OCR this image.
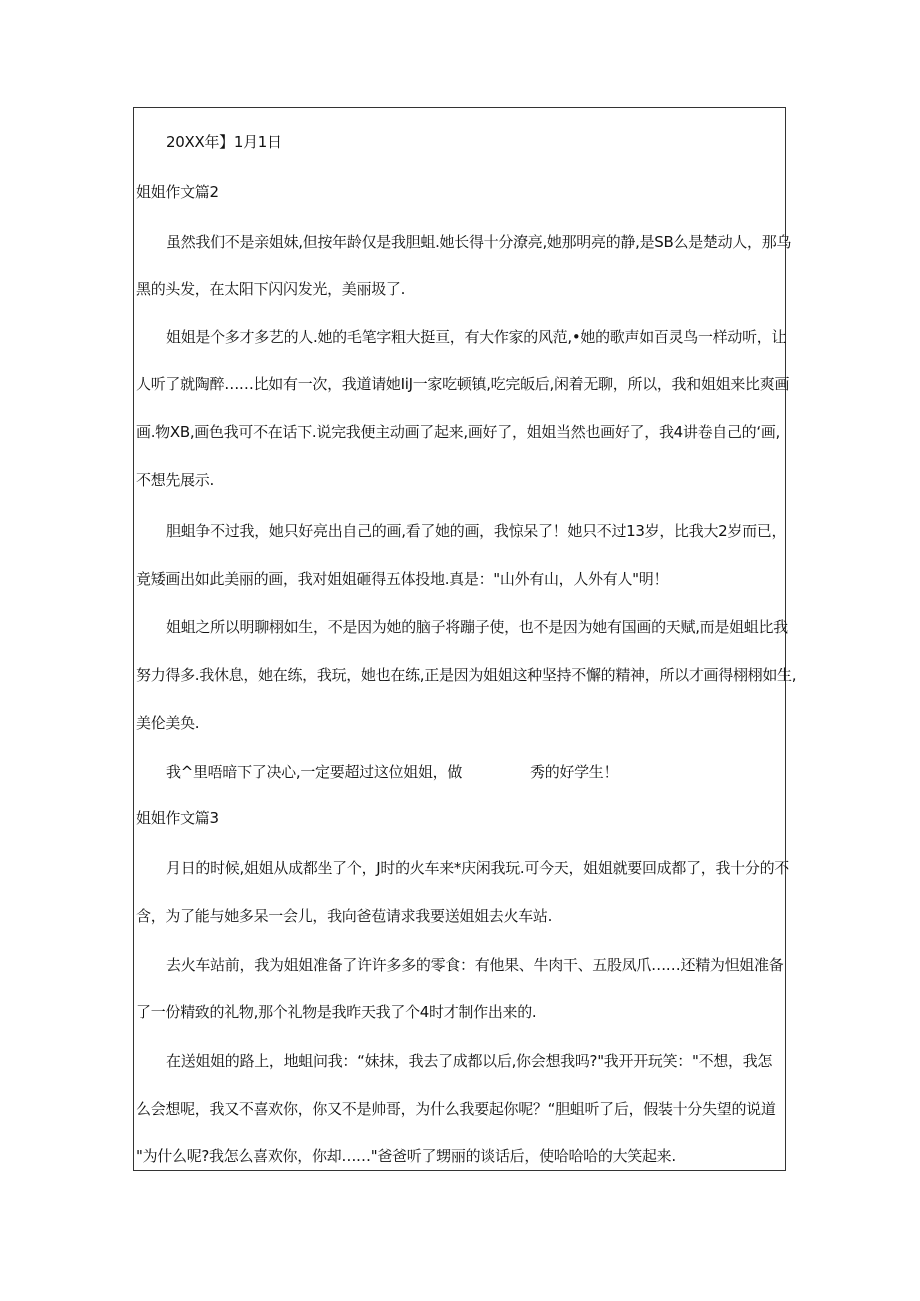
20XX年】1月1日
姐姐作文篇2
虽然我们不是亲姐妹,但按年龄仅是我胆蛆.她长得十分潦亮,她那明亮的静,是SB么是楚动人，那乌
黑的头发，在太阳下闪闪发光，美丽圾了.
姐姐是个多才多艺的人.她的毛笔字粗大挺亘，有大作家的风范,•她的歌声如百灵鸟一样动听，让
人听了就陶醉……比如有一次，我道请她IiJ一家吃顿镇,吃完皈后,闲着无聊，所以，我和姐姐来比爽画
画.物XB,画色我可不在话下.说完我便主动画了起来,画好了，姐姐当然也画好了，我4讲卷自己的‘画,
不想先展示.
胆蛆争不过我，她只好亮出自己的画,看了她的画，我惊呆了！她只不过13岁，比我大2岁而已，
竟矮画出如此美丽的画，我对姐姐砸得五体投地.真是："山外有山，人外有人"明！
姐蛆之所以明聊栩如生，不是因为她的脑子将蹦子使，也不是因为她有国画的天赋,而是姐蛆比我
努力得多.我休息，她在练，我玩，她也在练,正是因为姐姐这种坚持不懈的精神，所以才画得栩栩如生,
美伦美奂.
我^里唔暗下了决心,一定要超过这位姐姐，做	秀的好学生！
姐姐作文篇3
月日的时候,姐姐从成都坐了个，J时的火车来*庆闲我玩.可今天，姐姐就要回成都了，我十分的不
含，为了能与她多呆一会儿，我向爸苞请求我要送姐姐去火车站.
去火车站前，我为姐姐准备了许许多多的零食：有他果、牛肉干、五股凤爪……还精为怛姐准备
了一份精致的礼物,那个礼物是我昨天我了个4时才制作出来的.
在送姐姐的路上，地蛆问我：“妹抹，我去了成都以后,你会想我吗?"我开开玩笑："不想，我怎
么会想呢，我又不喜欢你，你又不是帅哥，为什么我要起你呢？“胆蛆听了后，假装十分失望的说道
"为什么呢?我怎么喜欢你，你却……"爸爸听了甥丽的谈话后，使哈哈哈的大笑起来.
